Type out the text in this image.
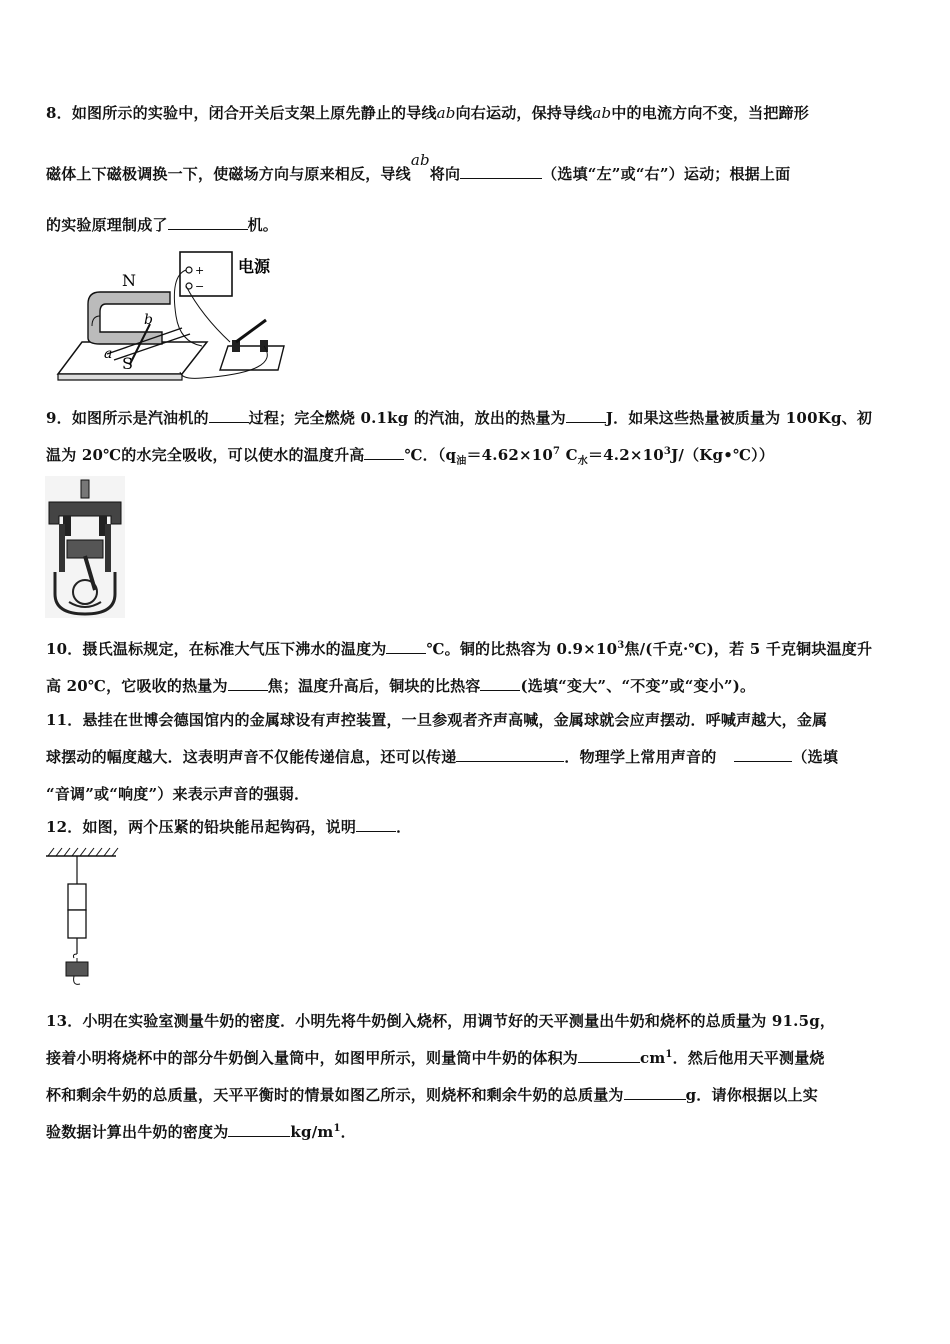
8．如图所示的实验中，闭合开关后支架上原先静止的导线ab向右运动，保持导线ab中的电流方向不变，当把蹄形
磁体上下磁极调换一下，使磁场方向与原来相反，导线ab将向	（选填“左”或“右”）运动；根据上面
的实验原理制成了	机。
N
S
a
b
+
−
电源
9．如图所示是汽油机的	过程；完全燃烧 0.1kg 的汽油，放出的热量为	J．如果这些热量被质量为 100Kg、初
温为 20℃的水完全吸收，可以使水的温度升高	℃．（$q_油=4.62\times 10^7$ $C_水=4.2\times 10^3J/(Kg•℃)$）
10．摄氏温标规定，在标准大气压下沸水的温度为	℃。铜的比热容为 $0.9\times 10^3$焦/(千克·℃)，若 5 千克铜块温度升
高 20℃，它吸收的热量为	焦；温度升高后，铜块的比热容	(选填“变大”、“不变”或“变小”)。
11．悬挂在世博会德国馆内的金属球设有声控装置，一旦参观者齐声高喊，金属球就会应声摆动．呼喊声越大，金属
球摆动的幅度越大．这表明声音不仅能传递信息，还可以传递	．物理学上常用声音的	（选填
“音调”或“响度”）来表示声音的强弱．
12．如图，两个压紧的铅块能吊起钩码，说明	．
13．小明在实验室测量牛奶的密度．小明先将牛奶倒入烧杯，用调节好的天平测量出牛奶和烧杯的总质量为 91.5g，
接着小明将烧杯中的部分牛奶倒入量筒中，如图甲所示，则量筒中牛奶的体积为	$cm^1$．然后他用天平测量烧
杯和剩余牛奶的总质量，天平平衡时的情景如图乙所示，则烧杯和剩余牛奶的总质量为	g．请你根据以上实
验数据计算出牛奶的密度为	$kg/m^1$．
